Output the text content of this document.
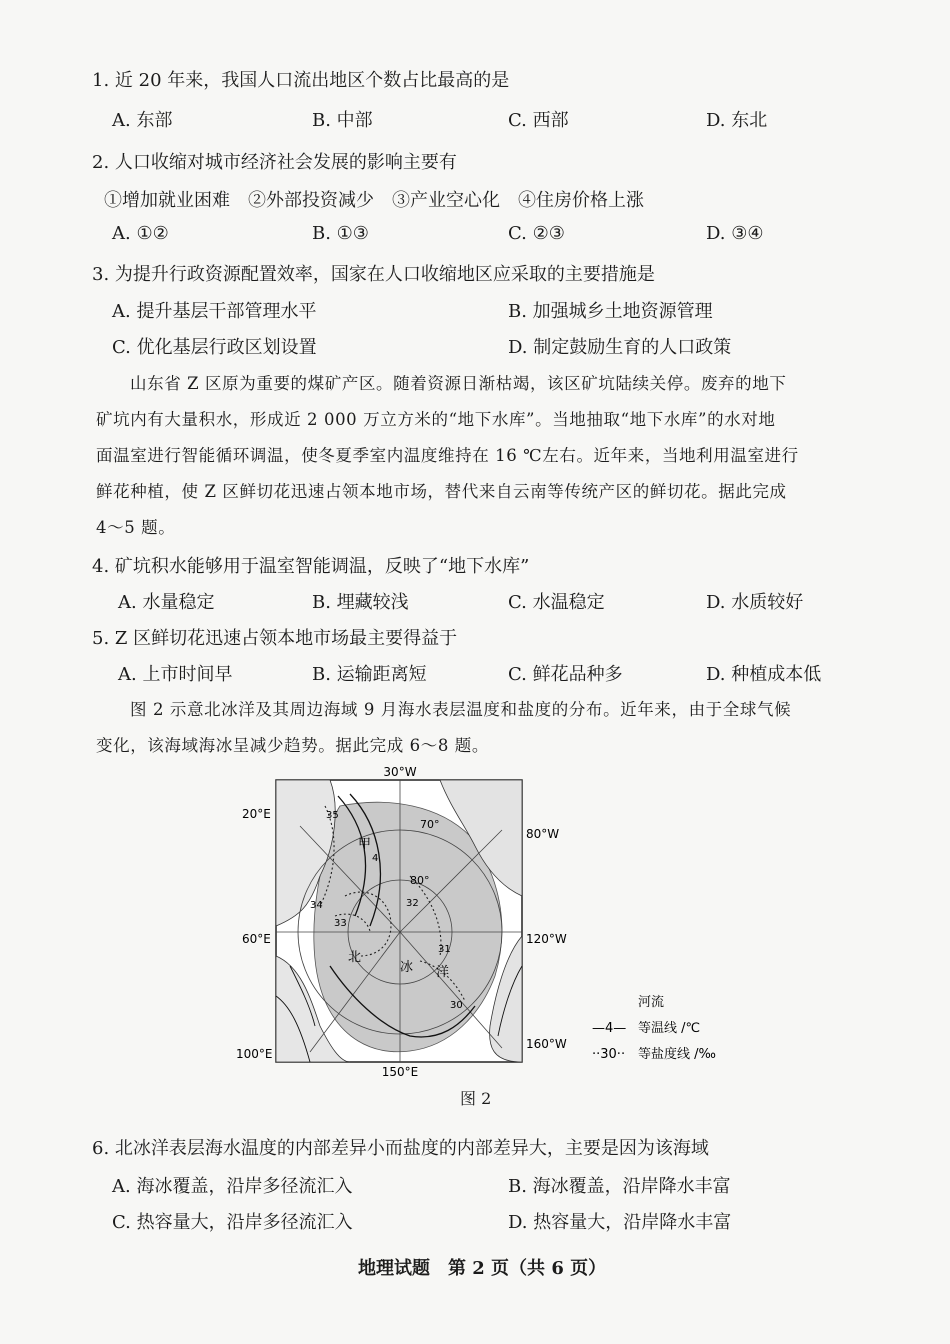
1. 近 20 年来，我国人口流出地区个数占比最高的是
A. 东部	B. 中部	C. 西部	D. 东北
2. 人口收缩对城市经济社会发展的影响主要有
①增加就业困难　②外部投资减少　③产业空心化　④住房价格上涨
A. ①②	B. ①③	C. ②③	D. ③④
3. 为提升行政资源配置效率，国家在人口收缩地区应采取的主要措施是
A. 提升基层干部管理水平	B. 加强城乡土地资源管理
C. 优化基层行政区划设置	D. 制定鼓励生育的人口政策
山东省 Z 区原为重要的煤矿产区。随着资源日渐枯竭，该区矿坑陆续关停。废弃的地下
矿坑内有大量积水，形成近 2 000 万立方米的“地下水库”。当地抽取“地下水库”的水对地
面温室进行智能循环调温，使冬夏季室内温度维持在 16 ℃左右。近年来，当地利用温室进行
鲜花种植，使 Z 区鲜切花迅速占领本地市场，替代来自云南等传统产区的鲜切花。据此完成
4～5 题。
4. 矿坑积水能够用于温室智能调温，反映了“地下水库”
A. 水量稳定	B. 埋藏较浅	C. 水温稳定	D. 水质较好
5. Z 区鲜切花迅速占领本地市场最主要得益于
A. 上市时间早	B. 运输距离短	C. 鲜花品种多	D. 种植成本低
图 2 示意北冰洋及其周边海域 9 月海水表层温度和盐度的分布。近年来，由于全球气候
变化，该海域海冰呈减少趋势。据此完成 6～8 题。
30°W
20°E
80°W
60°E	120°W
100°E
160°W
150°E
70°
80°
北
冰 洋
甲
4
35
34
33
32
31
30	河流
—4— 等温线 /℃
··30·· 等盐度线 /‰
图 2
6. 北冰洋表层海水温度的内部差异小而盐度的内部差异大，主要是因为该海域
A. 海冰覆盖，沿岸多径流汇入	B. 海冰覆盖，沿岸降水丰富
C. 热容量大，沿岸多径流汇入	D. 热容量大，沿岸降水丰富
地理试题　第 2 页（共 6 页）
